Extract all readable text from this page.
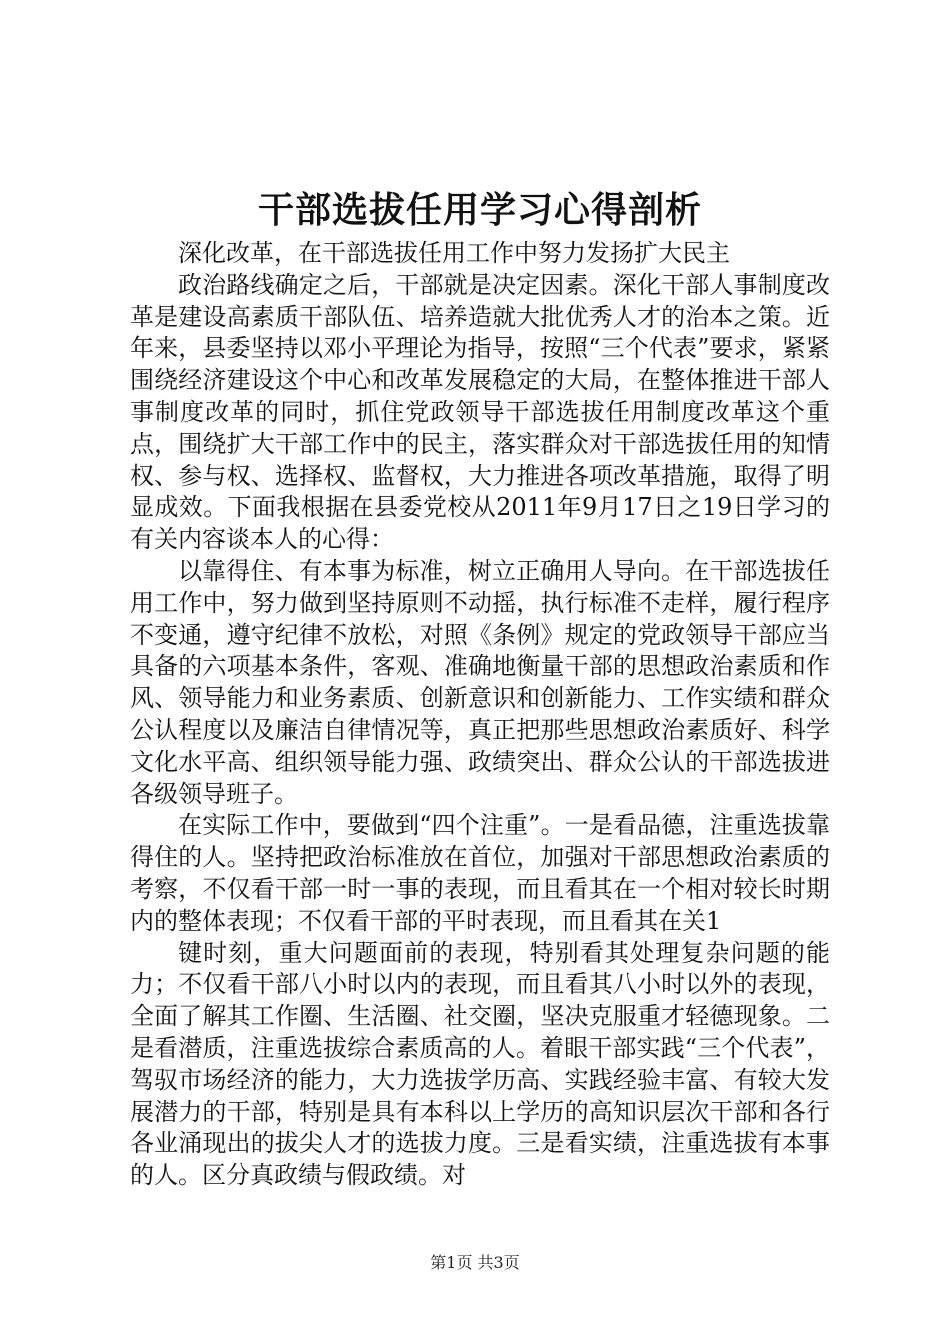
干部选拔任用学习心得剖析

深化改革，在干部选拔任用工作中努力发扬扩大民主

政治路线确定之后，干部就是决定因素。深化干部人事制度改革是建设高素质干部队伍、培养造就大批优秀人才的治本之策。近年来，县委坚持以邓小平理论为指导，按照“三个代表”要求，紧紧围绕经济建设这个中心和改革发展稳定的大局，在整体推进干部人事制度改革的同时，抓住党政领导干部选拔任用制度改革这个重点，围绕扩大干部工作中的民主，落实群众对干部选拔任用的知情权、参与权、选择权、监督权，大力推进各项改革措施，取得了明显成效。下面我根据在县委党校从2011年9月17日之19日学习的有关内容谈本人的心得：

以靠得住、有本事为标准，树立正确用人导向。在干部选拔任用工作中，努力做到坚持原则不动摇，执行标准不走样，履行程序不变通，遵守纪律不放松，对照《条例》规定的党政领导干部应当具备的六项基本条件，客观、准确地衡量干部的思想政治素质和作风、领导能力和业务素质、创新意识和创新能力、工作实绩和群众公认程度以及廉洁自律情况等，真正把那些思想政治素质好、科学文化水平高、组织领导能力强、政绩突出、群众公认的干部选拔进各级领导班子。

在实际工作中，要做到“四个注重”。一是看品德，注重选拔靠得住的人。坚持把政治标准放在首位，加强对干部思想政治素质的考察，不仅看干部一时一事的表现，而且看其在一个相对较长时期内的整体表现；不仅看干部的平时表现，而且看其在关1

键时刻，重大问题面前的表现，特别看其处理复杂问题的能力；不仅看干部八小时以内的表现，而且看其八小时以外的表现，全面了解其工作圈、生活圈、社交圈，坚决克服重才轻德现象。二是看潜质，注重选拔综合素质高的人。着眼干部实践“三个代表”，驾驭市场经济的能力，大力选拔学历高、实践经验丰富、有较大发展潜力的干部，特别是具有本科以上学历的高知识层次干部和各行各业涌现出的拔尖人才的选拔力度。三是看实绩，注重选拔有本事的人。区分真政绩与假政绩。对

第1页 共3页
